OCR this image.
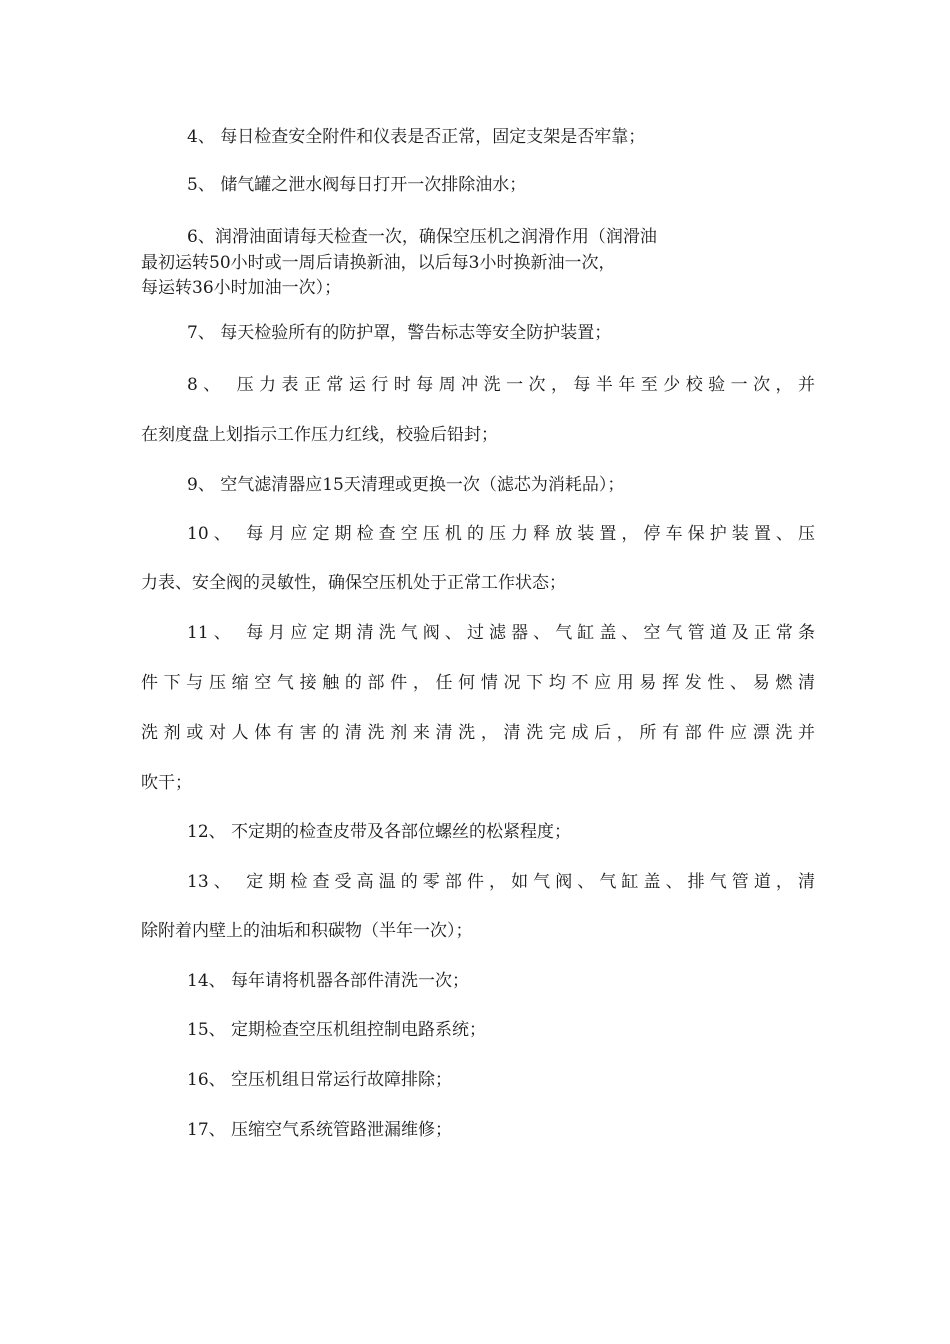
4、 每日检查安全附件和仪表是否正常，固定支架是否牢靠；
5、 储气罐之泄水阀每日打开一次排除油水；
6、润滑油面请每天检查一次，确保空压机之润滑作用（润滑油
最初运转50小时或一周后请换新油，以后每3小时换新油一次，
每运转36小时加油一次）；
7、 每天检验所有的防护罩，警告标志等安全防护装置；
8、 压力表正常运行时每周冲洗一次，每半年至少校验一次，并
在刻度盘上划指示工作压力红线，校验后铅封；
9、 空气滤清器应15天清理或更换一次（滤芯为消耗品）；
10、 每月应定期检查空压机的压力释放装置，停车保护装置、压
力表、安全阀的灵敏性，确保空压机处于正常工作状态；
11、 每月应定期清洗气阀、过滤器、气缸盖、空气管道及正常条
件下与压缩空气接触的部件，任何情况下均不应用易挥发性、易燃清
洗剂或对人体有害的清洗剂来清洗，清洗完成后，所有部件应漂洗并
吹干；
12、 不定期的检查皮带及各部位螺丝的松紧程度；
13、 定期检查受高温的零部件，如气阀、气缸盖、排气管道，清
除附着内壁上的油垢和积碳物（半年一次）；
14、 每年请将机器各部件清洗一次；
15、 定期检查空压机组控制电路系统；
16、 空压机组日常运行故障排除；
17、 压缩空气系统管路泄漏维修；
